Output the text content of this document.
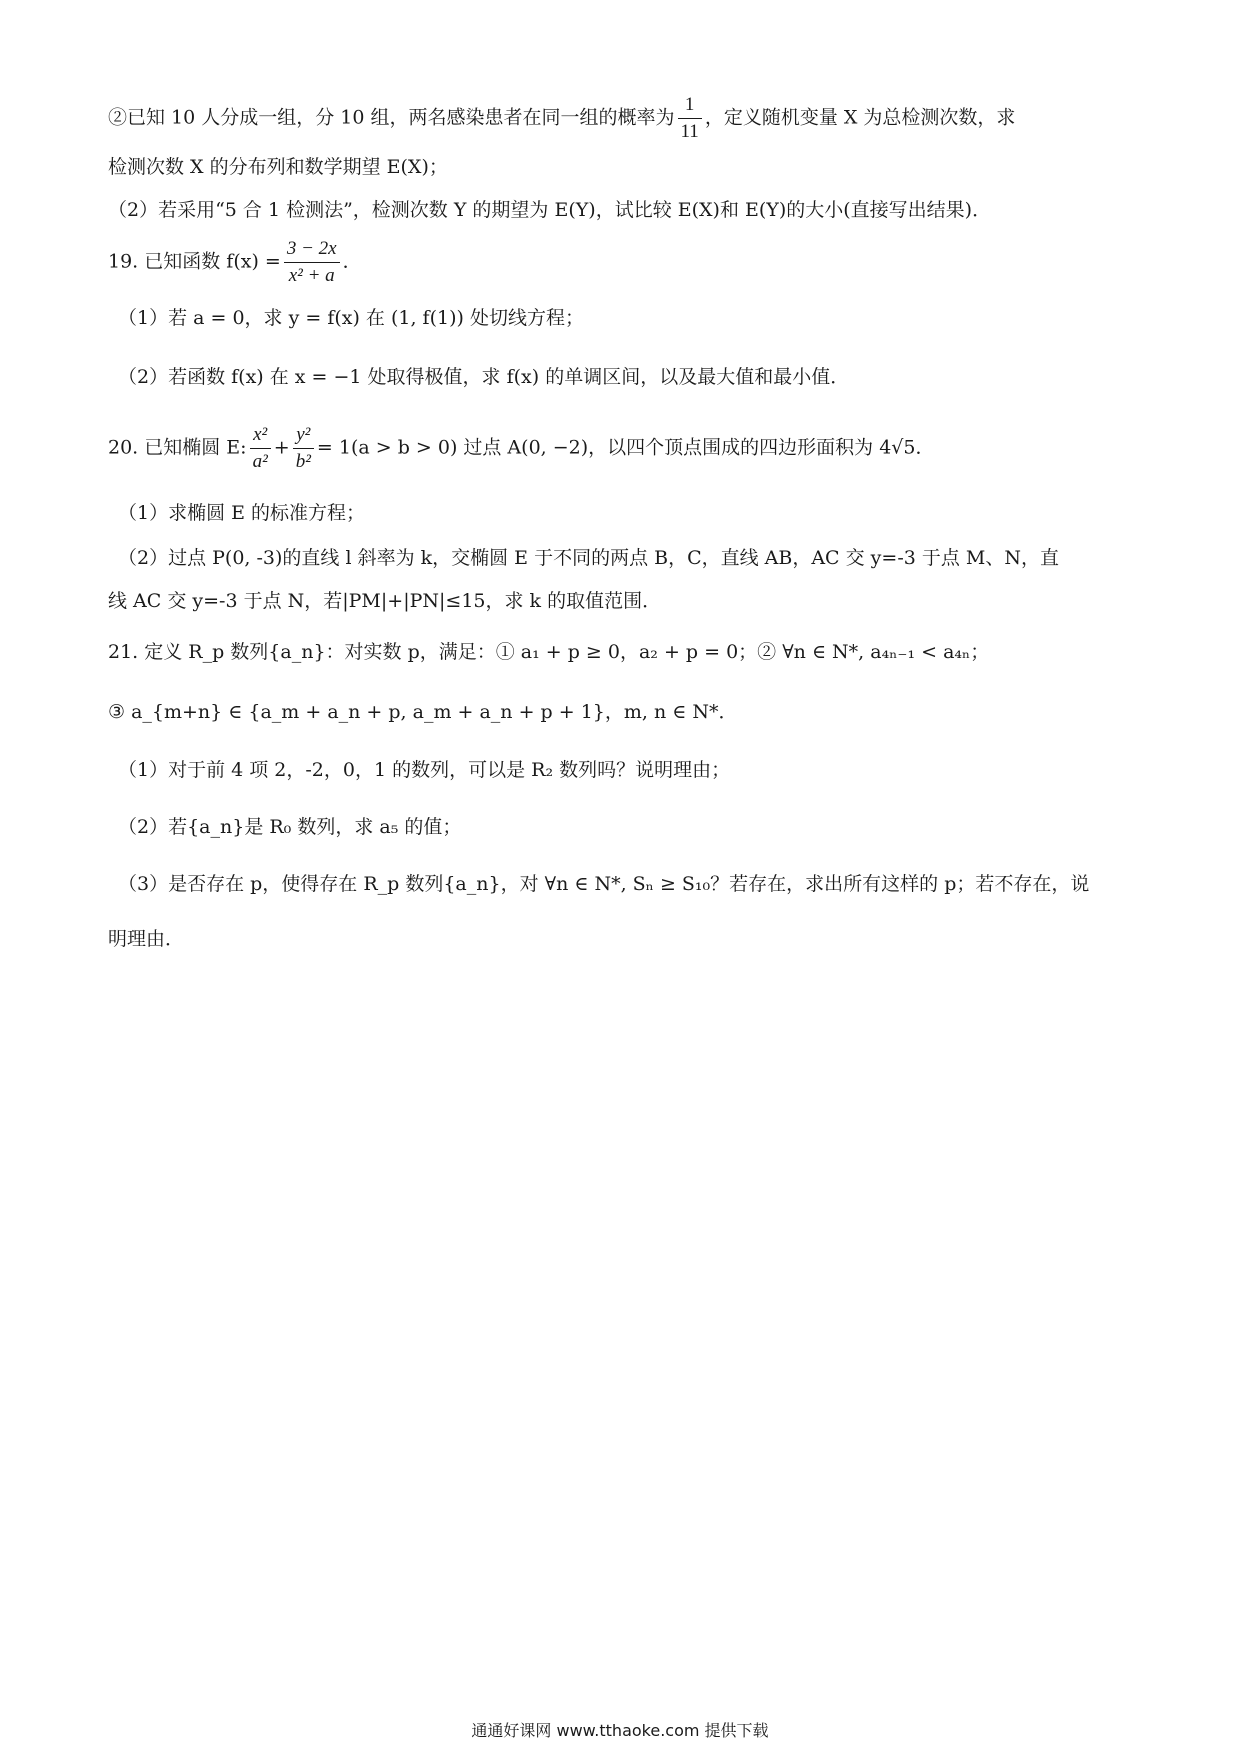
②已知 10 人分成一组，分 10 组，两名感染患者在同一组的概率为 $\frac{1}{11}$ ，定义随机变量 X 为总检测次数，求
检测次数 X 的分布列和数学期望 E(X)；
（2）若采用“5 合 1 检测法”，检测次数 Y 的期望为 E(Y)，试比较 E(X)和 E(Y)的大小(直接写出结果)．
19. 已知函数 $f(x) = \frac{3 - 2x}{\text{x² + a}}$ ．
（1）若 a = 0，求 y = f(x) 在 (1, f(1)) 处切线方程；
（2）若函数 f(x) 在 x = −1 处取得极值，求 f(x) 的单调区间，以及最大值和最小值．
20. 已知椭圆 E: $\frac{\text{x²}}{\text{a²}} + \frac{\text{y²}}{\text{b²}} = 1(a > b > 0)$ 过点 A(0, −2)，以四个顶点围成的四边形面积为 4√5．
（1）求椭圆 E 的标准方程；
（2）过点 P(0, -3)的直线 l 斜率为 k，交椭圆 E 于不同的两点 B，C，直线 AB，AC 交 y=-3 于点 M、N，直
线 AC 交 y=-3 于点 N，若|PM|+|PN|≤15，求 k 的取值范围．
21. 定义 R_p 数列{a_n}：对实数 p，满足：① a₁ + p ≥ 0，a₂ + p = 0；② ∀n ∈ N*, a₄ₙ₋₁ < a₄ₙ；
③ a_{m+n} ∈ {a_m + a_n + p, a_m + a_n + p + 1}，m, n ∈ N*．
（1）对于前 4 项 2，-2，0，1 的数列，可以是 R₂ 数列吗？说明理由；
（2）若{a_n}是 R₀ 数列，求 a₅ 的值；
（3）是否存在 p，使得存在 R_p 数列{a_n}，对 ∀n ∈ N*, Sₙ ≥ S₁₀？若存在，求出所有这样的 p；若不存在，说
明理由．
通通好课网 www.tthaoke.com 提供下载
